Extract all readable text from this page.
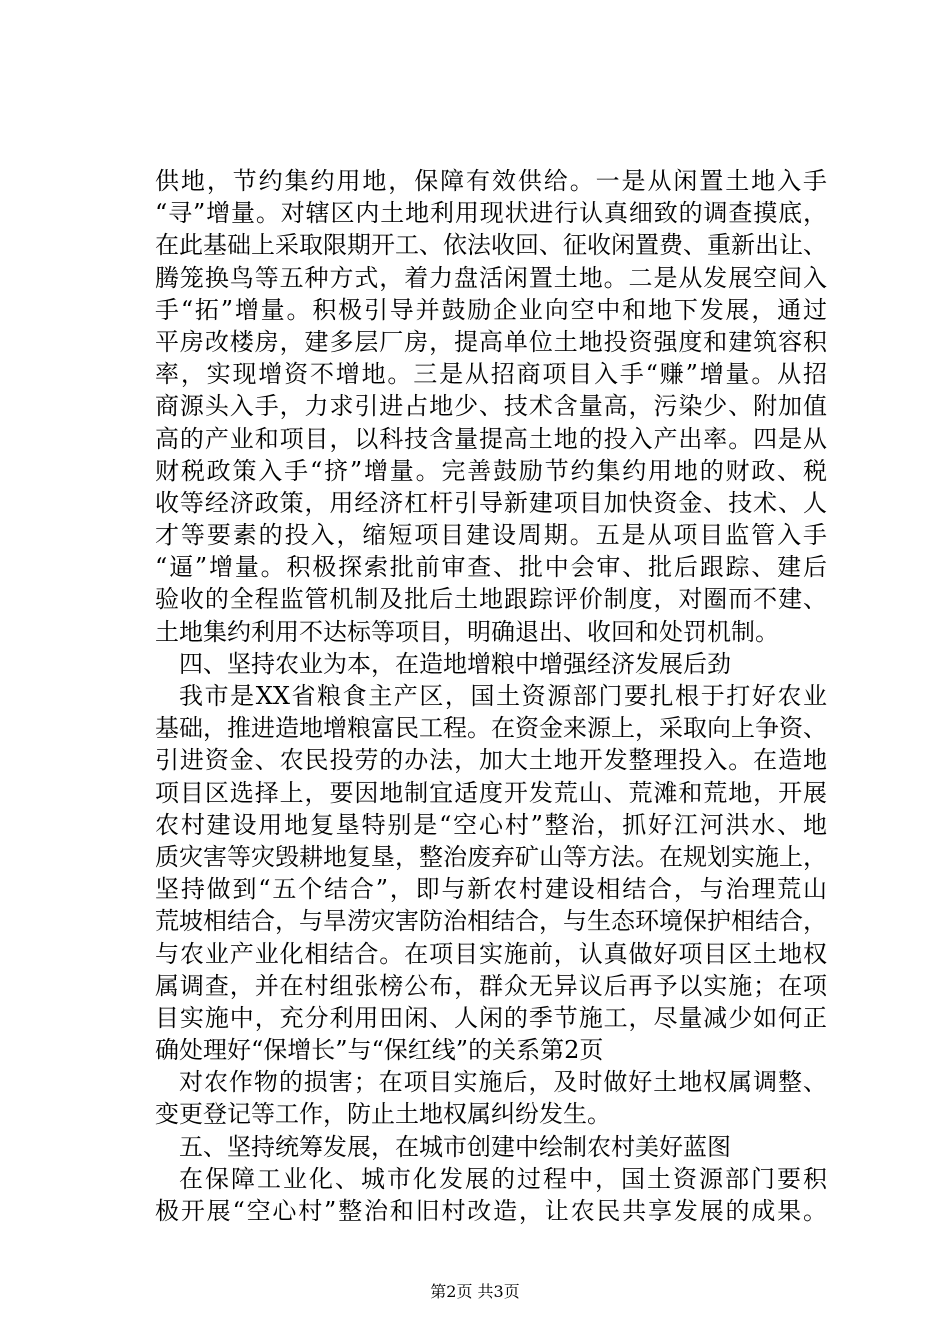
供地，节约集约用地，保障有效供给。一是从闲置土地入手
“寻”增量。对辖区内土地利用现状进行认真细致的调查摸底，
在此基础上采取限期开工、依法收回、征收闲置费、重新出让、
腾笼换鸟等五种方式，着力盘活闲置土地。二是从发展空间入
手“拓”增量。积极引导并鼓励企业向空中和地下发展，通过
平房改楼房，建多层厂房，提高单位土地投资强度和建筑容积
率，实现增资不增地。三是从招商项目入手“赚”增量。从招
商源头入手，力求引进占地少、技术含量高，污染少、附加值
高的产业和项目，以科技含量提高土地的投入产出率。四是从
财税政策入手“挤”增量。完善鼓励节约集约用地的财政、税
收等经济政策，用经济杠杆引导新建项目加快资金、技术、人
才等要素的投入，缩短项目建设周期。五是从项目监管入手
“逼”增量。积极探索批前审查、批中会审、批后跟踪、建后
验收的全程监管机制及批后土地跟踪评价制度，对圈而不建、
土地集约利用不达标等项目，明确退出、收回和处罚机制。
四、坚持农业为本，在造地增粮中增强经济发展后劲
我市是XX省粮食主产区，国土资源部门要扎根于打好农业
基础，推进造地增粮富民工程。在资金来源上，采取向上争资、
引进资金、农民投劳的办法，加大土地开发整理投入。在造地
项目区选择上，要因地制宜适度开发荒山、荒滩和荒地，开展
农村建设用地复垦特别是“空心村”整治，抓好江河洪水、地
质灾害等灾毁耕地复垦，整治废弃矿山等方法。在规划实施上，
坚持做到“五个结合”，即与新农村建设相结合，与治理荒山
荒坡相结合，与旱涝灾害防治相结合，与生态环境保护相结合，
与农业产业化相结合。在项目实施前，认真做好项目区土地权
属调查，并在村组张榜公布，群众无异议后再予以实施；在项
目实施中，充分利用田闲、人闲的季节施工，尽量减少如何正
确处理好“保增长”与“保红线”的关系第2页
对农作物的损害；在项目实施后，及时做好土地权属调整、
变更登记等工作，防止土地权属纠纷发生。
五、坚持统筹发展，在城市创建中绘制农村美好蓝图
在保障工业化、城市化发展的过程中，国土资源部门要积
极开展“空心村”整治和旧村改造，让农民共享发展的成果。
第2页 共3页
